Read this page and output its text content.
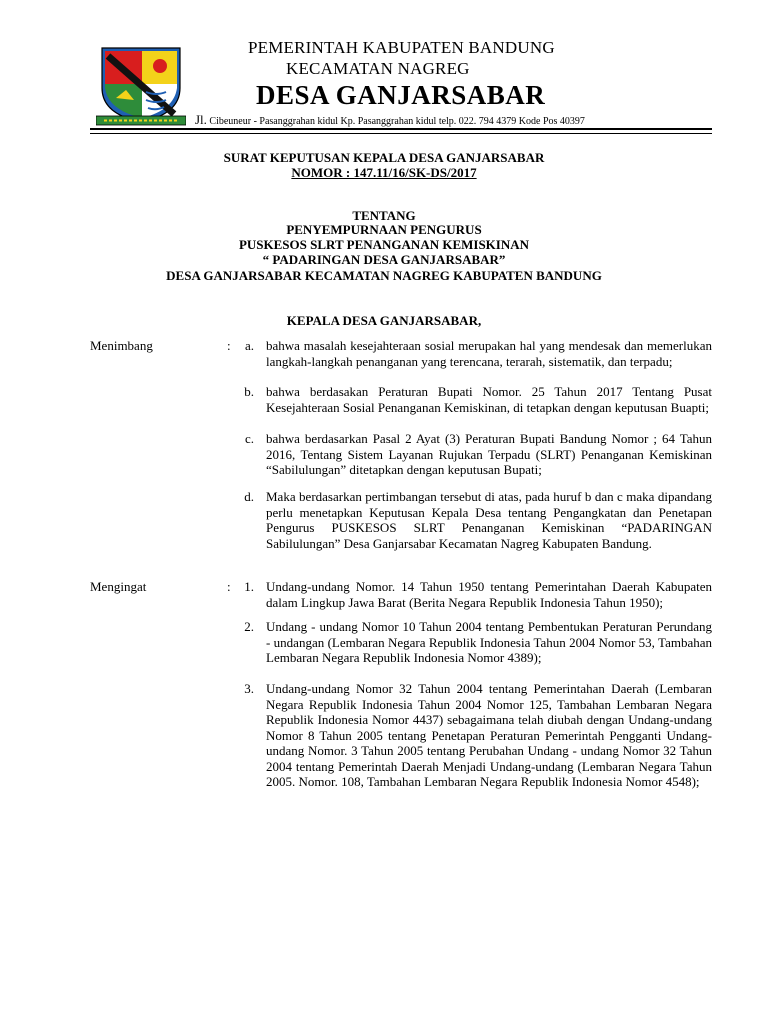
PEMERINTAH KABUPATEN BANDUNG
KECAMATAN NAGREG
DESA GANJARSABAR
Jl. Cibeuneur - Pasanggrahan kidul Kp. Pasanggrahan kidul telp. 022. 794 4379 Kode Pos 40397
SURAT KEPUTUSAN KEPALA DESA GANJARSABAR
NOMOR : 147.11/16/SK-DS/2017
TENTANG
PENYEMPURNAAN PENGURUS
PUSKESOS SLRT PENANGANAN KEMISKINAN
“ PADARINGAN DESA GANJARSABAR”
DESA GANJARSABAR KECAMATAN NAGREG KABUPATEN BANDUNG
KEPALA DESA GANJARSABAR,
Menimbang	:	a. bahwa masalah kesejahteraan sosial merupakan hal yang mendesak dan memerlukan langkah-langkah penanganan yang terencana, terarah, sistematik, dan terpadu;
b. bahwa berdasakan Peraturan Bupati Nomor. 25 Tahun 2017 Tentang Pusat Kesejahteraan Sosial Penanganan Kemiskinan, di tetapkan dengan keputusan Buapti;
c. bahwa berdasarkan Pasal 2 Ayat (3) Peraturan Bupati Bandung Nomor ; 64 Tahun 2016, Tentang Sistem Layanan Rujukan Terpadu (SLRT) Penanganan Kemiskinan “Sabilulungan” ditetapkan dengan keputusan Bupati;
d. Maka berdasarkan pertimbangan tersebut di atas, pada huruf b dan c maka dipandang perlu menetapkan Keputusan Kepala Desa tentang Pengangkatan dan Penetapan Pengurus PUSKESOS SLRT Penanganan Kemiskinan “PADARINGAN Sabilulungan” Desa Ganjarsabar Kecamatan Nagreg Kabupaten Bandung.
Mengingat	:	1. Undang-undang Nomor. 14 Tahun 1950 tentang Pemerintahan Daerah Kabupaten dalam Lingkup Jawa Barat (Berita Negara Republik Indonesia Tahun 1950);
2. Undang - undang Nomor 10 Tahun 2004 tentang Pembentukan Peraturan Perundang - undangan (Lembaran Negara Republik Indonesia Tahun 2004 Nomor 53, Tambahan Lembaran Negara Republik Indonesia Nomor 4389);
3. Undang-undang Nomor 32 Tahun 2004 tentang Pemerintahan Daerah (Lembaran Negara Republik Indonesia Tahun 2004 Nomor 125, Tambahan Lembaran Negara Republik Indonesia Nomor 4437) sebagaimana telah diubah dengan Undang-undang Nomor 8 Tahun 2005 tentang Penetapan Peraturan Pemerintah Pengganti Undang-undang Nomor. 3 Tahun 2005 tentang Perubahan Undang - undang Nomor 32 Tahun 2004 tentang Pemerintah Daerah Menjadi Undang-undang (Lembaran Negara Tahun 2005. Nomor. 108, Tambahan Lembaran Negara Republik Indonesia Nomor 4548);
